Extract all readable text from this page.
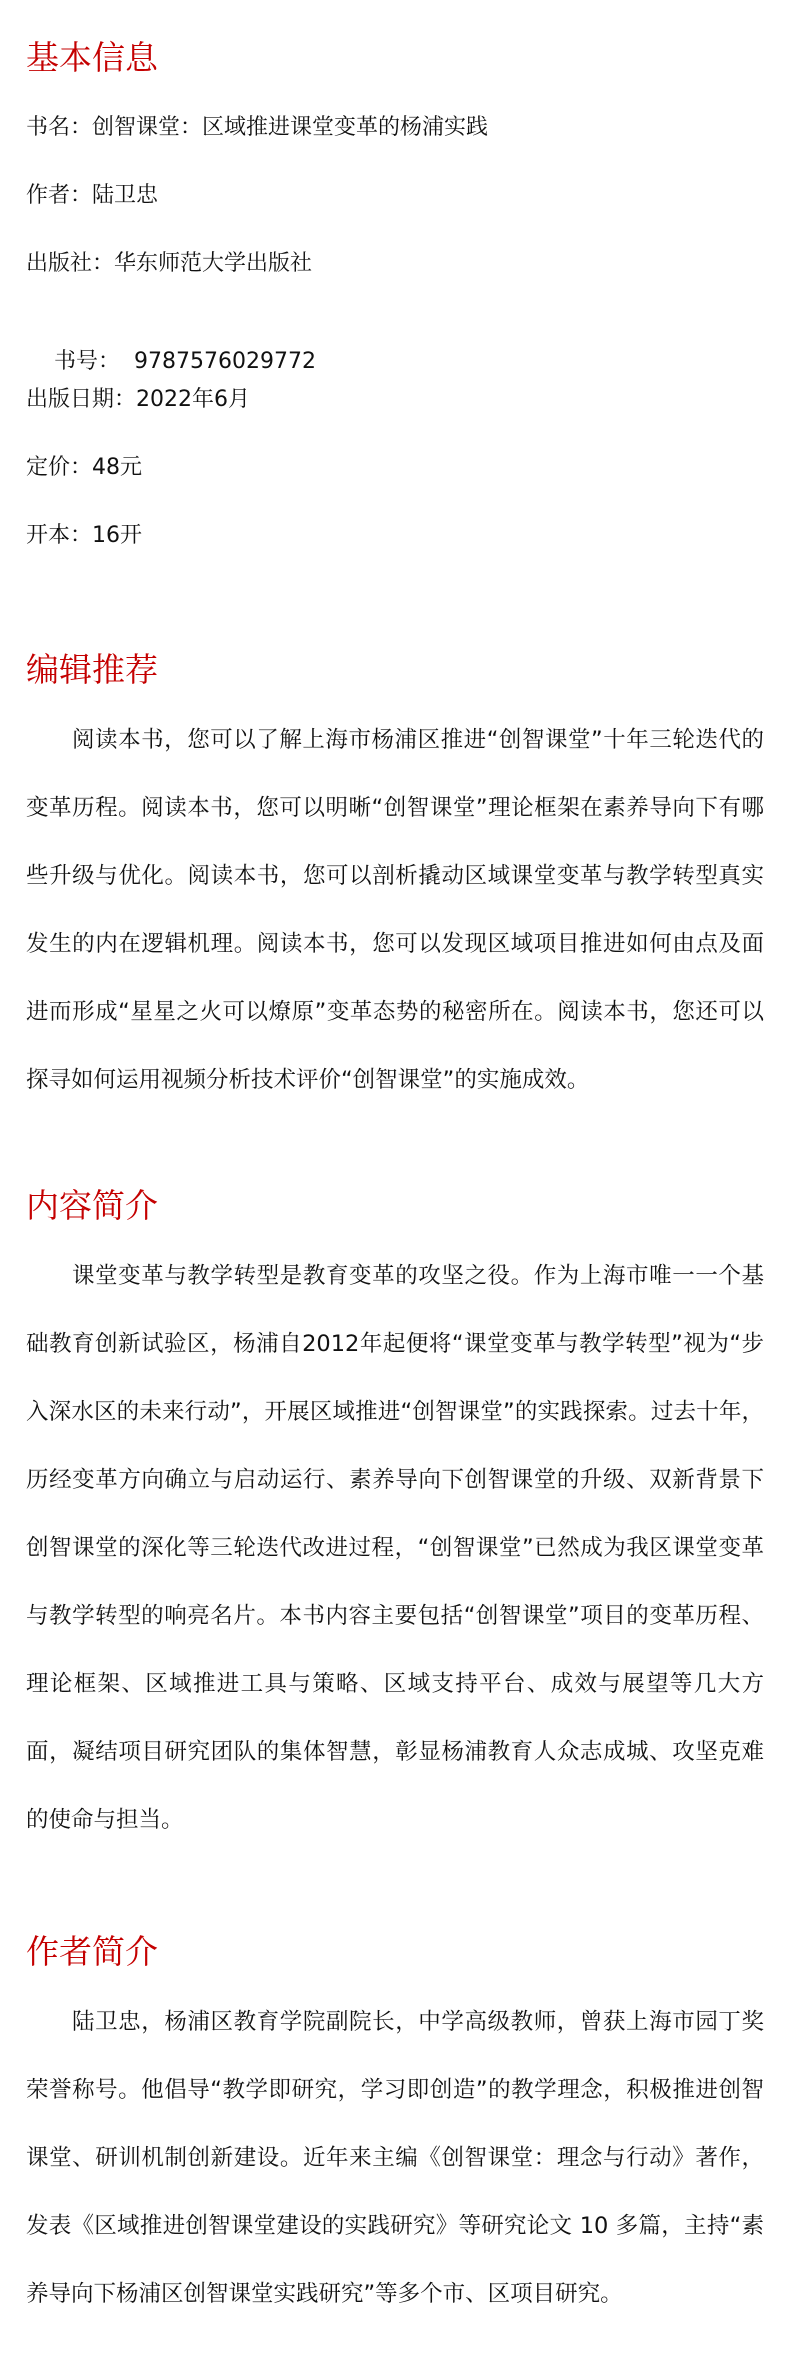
基本信息

书名：创智课堂：区域推进课堂变革的杨浦实践

作者：陆卫忠

出版社：华东师范大学出版社

书号：  9787576029772

出版日期：2022年6月

定价：48元

开本：16开

编辑推荐

阅读本书，您可以了解上海市杨浦区推进“创智课堂”十年三轮迭代的变革历程。阅读本书，您可以明晰“创智课堂”理论框架在素养导向下有哪些升级与优化。阅读本书，您可以剖析撬动区域课堂变革与教学转型真实发生的内在逻辑机理。阅读本书，您可以发现区域项目推进如何由点及面进而形成“星星之火可以燎原”变革态势的秘密所在。阅读本书，您还可以探寻如何运用视频分析技术评价“创智课堂”的实施成效。

内容简介

课堂变革与教学转型是教育变革的攻坚之役。作为上海市唯一一个基础教育创新试验区，杨浦自2012年起便将“课堂变革与教学转型”视为“步入深水区的未来行动”，开展区域推进“创智课堂”的实践探索。过去十年，历经变革方向确立与启动运行、素养导向下创智课堂的升级、双新背景下创智课堂的深化等三轮迭代改进过程，“创智课堂”已然成为我区课堂变革与教学转型的响亮名片。本书内容主要包括“创智课堂”项目的变革历程、理论框架、区域推进工具与策略、区域支持平台、成效与展望等几大方面，凝结项目研究团队的集体智慧，彰显杨浦教育人众志成城、攻坚克难的使命与担当。

作者简介

陆卫忠，杨浦区教育学院副院长，中学高级教师，曾获上海市园丁奖荣誉称号。他倡导“教学即研究，学习即创造”的教学理念，积极推进创智课堂、研训机制创新建设。近年来主编《创智课堂：理念与行动》著作，发表《区域推进创智课堂建设的实践研究》等研究论文 10 多篇，主持“素养导向下杨浦区创智课堂实践研究”等多个市、区项目研究。
